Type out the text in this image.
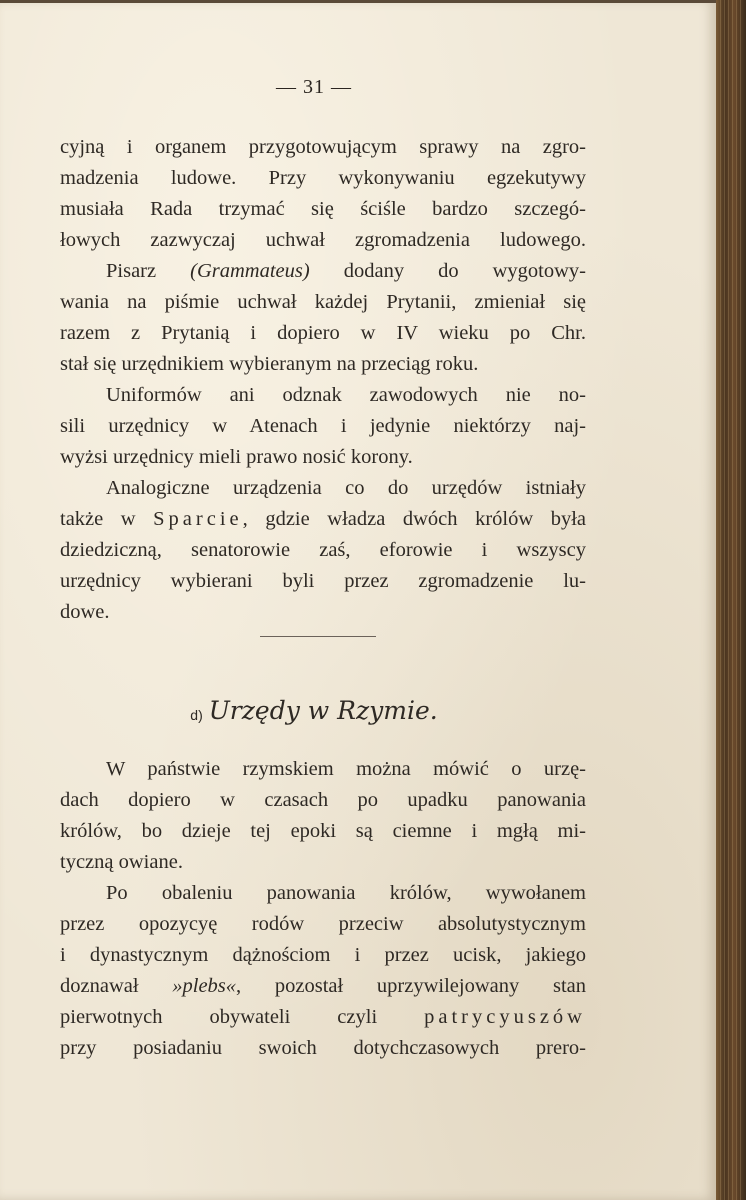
— 31 —
cyjną i organem przygotowującym sprawy na zgro-
madzenia ludowe. Przy wykonywaniu egzekutywy
musiała Rada trzymać się ściśle bardzo szczegó-
łowych zazwyczaj uchwał zgromadzenia ludowego.
Pisarz (Grammateus) dodany do wygotowy-
wania na piśmie uchwał każdej Prytanii, zmieniał się
razem z Prytanią i dopiero w IV wieku po Chr.
stał się urzędnikiem wybieranym na przeciąg roku.
Uniformów ani odznak zawodowych nie no-
sili urzędnicy w Atenach i jedynie niektórzy naj-
wyżsi urzędnicy mieli prawo nosić korony.
Analogiczne urządzenia co do urzędów istniały
także w Sparcie, gdzie władza dwóch królów była
dziedziczną, senatorowie zaś, eforowie i wszyscy
urzędnicy wybierani byli przez zgromadzenie lu-
dowe.
d) Urzędy w Rzymie.
W państwie rzymskiem można mówić o urzę-
dach dopiero w czasach po upadku panowania
królów, bo dzieje tej epoki są ciemne i mgłą mi-
tyczną owiane.
Po obaleniu panowania królów, wywołanem
przez opozycyę rodów przeciw absolutystycznym
i dynastycznym dążnościom i przez ucisk, jakiego
doznawał »plebs«, pozostał uprzywilejowany stan
pierwotnych obywateli czyli patrycyuszów
przy posiadaniu swoich dotychczasowych prero-
